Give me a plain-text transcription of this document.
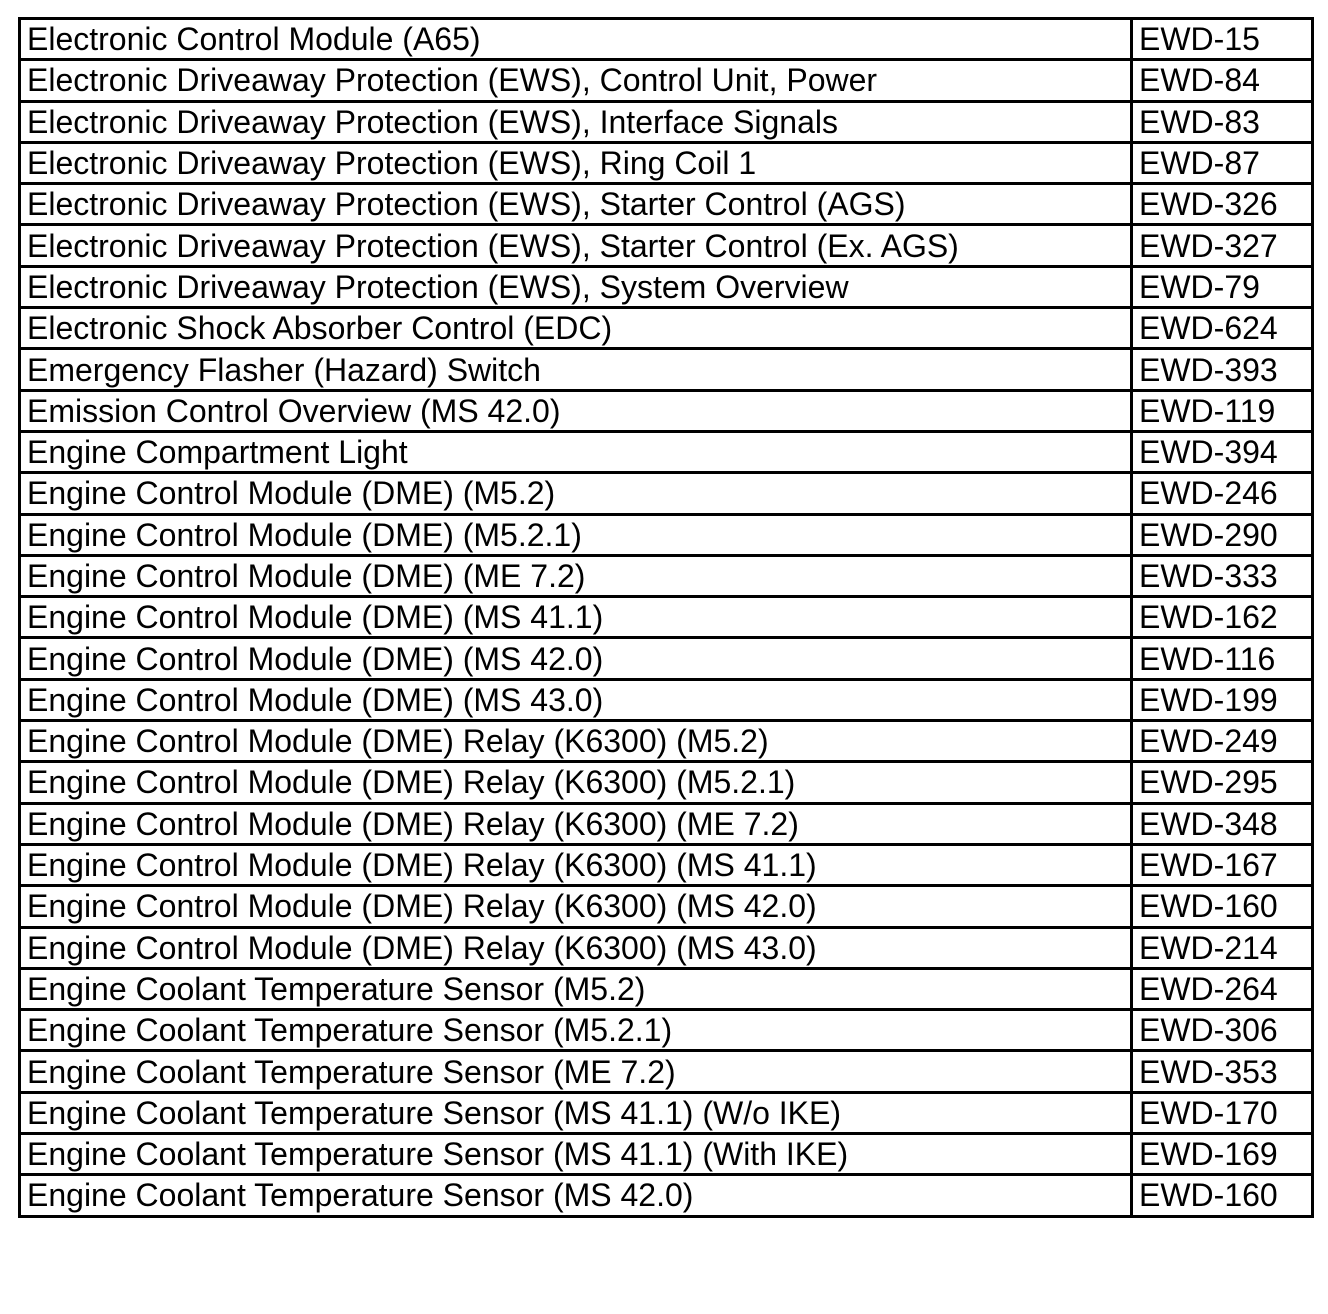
Electronic Control Module (A65)	EWD-15
Electronic Driveaway Protection (EWS), Control Unit, Power	EWD-84
Electronic Driveaway Protection (EWS), Interface Signals	EWD-83
Electronic Driveaway Protection (EWS), Ring Coil 1	EWD-87
Electronic Driveaway Protection (EWS), Starter Control (AGS)	EWD-326
Electronic Driveaway Protection (EWS), Starter Control (Ex. AGS)	EWD-327
Electronic Driveaway Protection (EWS), System Overview	EWD-79
Electronic Shock Absorber Control (EDC)	EWD-624
Emergency Flasher (Hazard) Switch	EWD-393
Emission Control Overview (MS 42.0)	EWD-119
Engine Compartment Light	EWD-394
Engine Control Module (DME) (M5.2)	EWD-246
Engine Control Module (DME) (M5.2.1)	EWD-290
Engine Control Module (DME) (ME 7.2)	EWD-333
Engine Control Module (DME) (MS 41.1)	EWD-162
Engine Control Module (DME) (MS 42.0)	EWD-116
Engine Control Module (DME) (MS 43.0)	EWD-199
Engine Control Module (DME) Relay (K6300) (M5.2)	EWD-249
Engine Control Module (DME) Relay (K6300) (M5.2.1)	EWD-295
Engine Control Module (DME) Relay (K6300) (ME 7.2)	EWD-348
Engine Control Module (DME) Relay (K6300) (MS 41.1)	EWD-167
Engine Control Module (DME) Relay (K6300) (MS 42.0)	EWD-160
Engine Control Module (DME) Relay (K6300) (MS 43.0)	EWD-214
Engine Coolant Temperature Sensor (M5.2)	EWD-264
Engine Coolant Temperature Sensor (M5.2.1)	EWD-306
Engine Coolant Temperature Sensor (ME 7.2)	EWD-353
Engine Coolant Temperature Sensor (MS 41.1) (W/o IKE)	EWD-170
Engine Coolant Temperature Sensor (MS 41.1) (With IKE)	EWD-169
Engine Coolant Temperature Sensor (MS 42.0)	EWD-160
